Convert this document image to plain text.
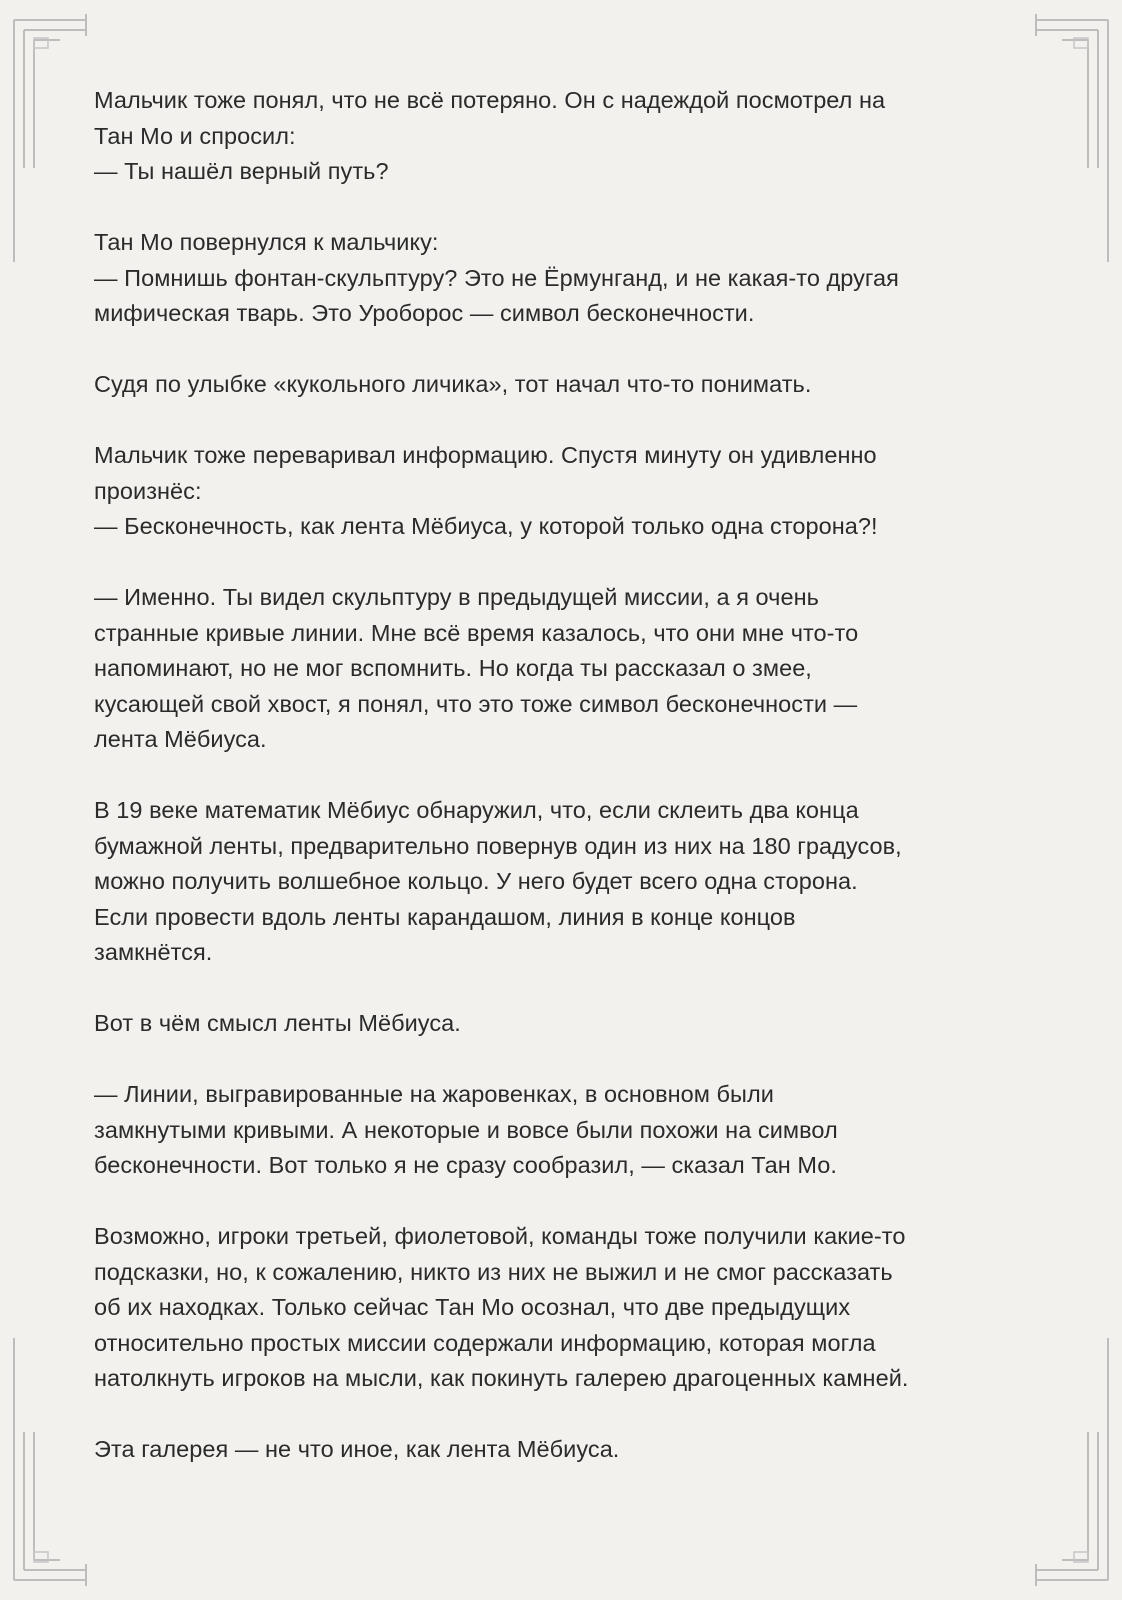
Мальчик тоже понял, что не всё потеряно. Он с надеждой посмотрел на
Тан Мо и спросил:
— Ты нашёл верный путь?

Тан Мо повернулся к мальчику:
— Помнишь фонтан-скульптуру? Это не Ёрмунганд, и не какая-то другая
мифическая тварь. Это Уроборос — символ бесконечности.

Судя по улыбке «кукольного личика», тот начал что-то понимать.

Мальчик тоже переваривал информацию. Спустя минуту он удивленно
произнёс:
— Бесконечность, как лента Мёбиуса, у которой только одна сторона?!

— Именно. Ты видел скульптуру в предыдущей миссии, а я очень
странные кривые линии. Мне всё время казалось, что они мне что-то
напоминают, но не мог вспомнить. Но когда ты рассказал о змее,
кусающей свой хвост, я понял, что это тоже символ бесконечности —
лента Мёбиуса.

В 19 веке математик Мёбиус обнаружил, что, если склеить два конца
бумажной ленты, предварительно повернув один из них на 180 градусов,
можно получить волшебное кольцо. У него будет всего одна сторона.
Если провести вдоль ленты карандашом, линия в конце концов
замкнётся.

Вот в чём смысл ленты Мёбиуса.

— Линии, выгравированные на жаровенках, в основном были
замкнутыми кривыми. А некоторые и вовсе были похожи на символ
бесконечности. Вот только я не сразу сообразил, — сказал Тан Мо.

Возможно, игроки третьей, фиолетовой, команды тоже получили какие-то
подсказки, но, к сожалению, никто из них не выжил и не смог рассказать
об их находках. Только сейчас Тан Мо осознал, что две предыдущих
относительно простых миссии содержали информацию, которая могла
натолкнуть игроков на мысли, как покинуть галерею драгоценных камней.

Эта галерея — не что иное, как лента Мёбиуса.
